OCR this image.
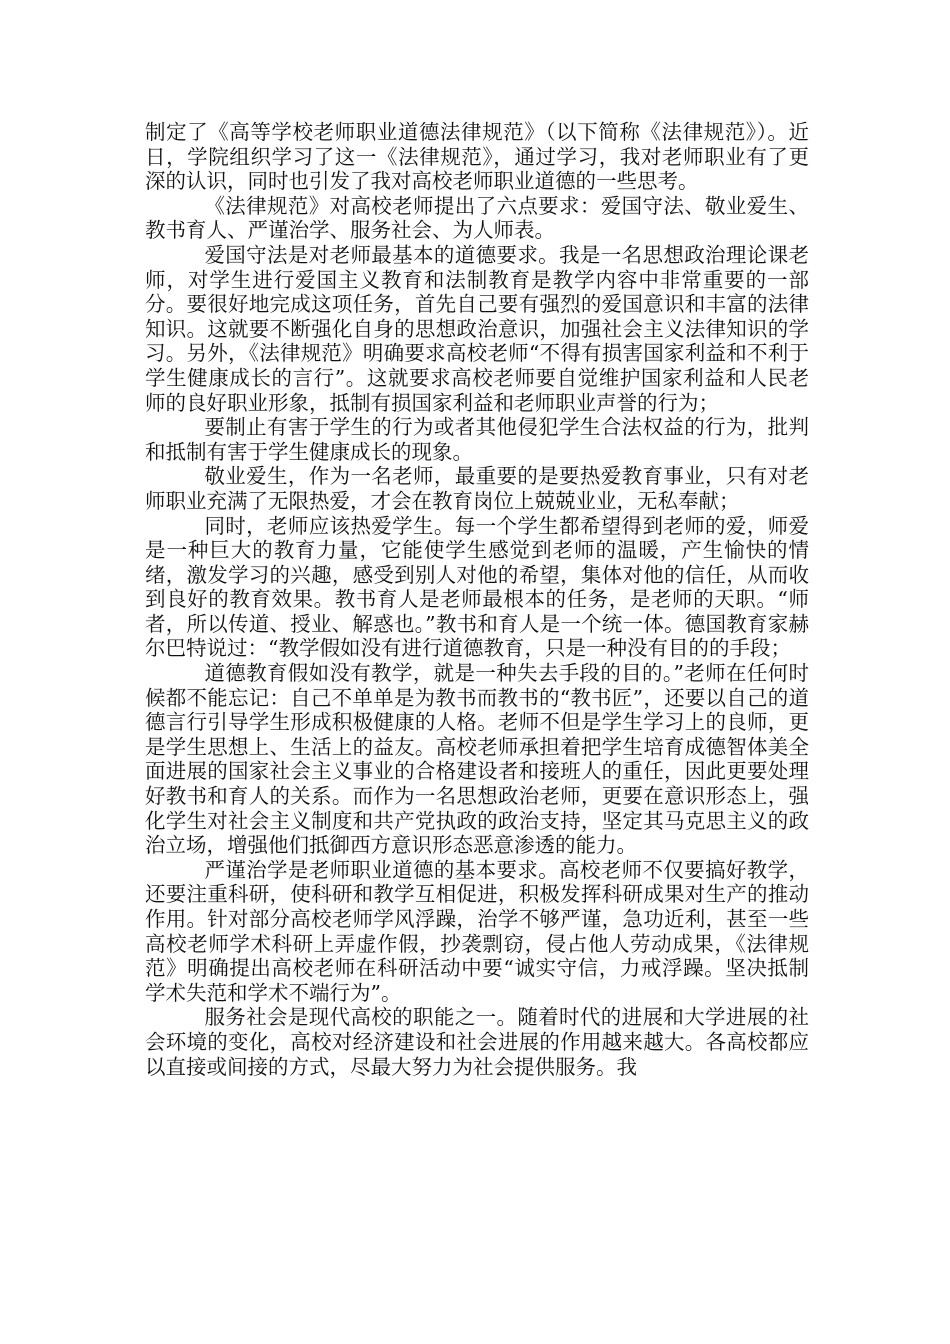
制定了《高等学校老师职业道德法律规范》（以下简称《法律规范》）。近日，学院组织学习了这一《法律规范》，通过学习，我对老师职业有了更深的认识，同时也引发了我对高校老师职业道德的一些思考。

《法律规范》对高校老师提出了六点要求：爱国守法、敬业爱生、教书育人、严谨治学、服务社会、为人师表。

爱国守法是对老师最基本的道德要求。我是一名思想政治理论课老师，对学生进行爱国主义教育和法制教育是教学内容中非常重要的一部分。要很好地完成这项任务，首先自己要有强烈的爱国意识和丰富的法律知识。这就要不断强化自身的思想政治意识，加强社会主义法律知识的学习。另外，《法律规范》明确要求高校老师“不得有损害国家利益和不利于学生健康成长的言行”。这就要求高校老师要自觉维护国家利益和人民老师的良好职业形象，抵制有损国家利益和老师职业声誉的行为；

要制止有害于学生的行为或者其他侵犯学生合法权益的行为，批判和抵制有害于学生健康成长的现象。

敬业爱生，作为一名老师，最重要的是要热爱教育事业，只有对老师职业充满了无限热爱，才会在教育岗位上兢兢业业，无私奉献；

同时，老师应该热爱学生。每一个学生都希望得到老师的爱，师爱是一种巨大的教育力量，它能使学生感觉到老师的温暖，产生愉快的情绪，激发学习的兴趣，感受到别人对他的希望，集体对他的信任，从而收到良好的教育效果。教书育人是老师最根本的任务，是老师的天职。“师者，所以传道、授业、解惑也。”教书和育人是一个统一体。德国教育家赫尔巴特说过：“教学假如没有进行道德教育，只是一种没有目的的手段；

道德教育假如没有教学，就是一种失去手段的目的。”老师在任何时候都不能忘记：自己不单单是为教书而教书的“教书匠”，还要以自己的道德言行引导学生形成积极健康的人格。老师不但是学生学习上的良师，更是学生思想上、生活上的益友。高校老师承担着把学生培育成德智体美全面进展的国家社会主义事业的合格建设者和接班人的重任，因此更要处理好教书和育人的关系。而作为一名思想政治老师，更要在意识形态上，强化学生对社会主义制度和共产党执政的政治支持，坚定其马克思主义的政治立场，增强他们抵御西方意识形态恶意渗透的能力。

严谨治学是老师职业道德的基本要求。高校老师不仅要搞好教学，还要注重科研，使科研和教学互相促进，积极发挥科研成果对生产的推动作用。针对部分高校老师学风浮躁，治学不够严谨，急功近利，甚至一些高校老师学术科研上弄虚作假，抄袭剽窃，侵占他人劳动成果，《法律规范》明确提出高校老师在科研活动中要“诚实守信，力戒浮躁。坚决抵制学术失范和学术不端行为”。

服务社会是现代高校的职能之一。随着时代的进展和大学进展的社会环境的变化，高校对经济建设和社会进展的作用越来越大。各高校都应以直接或间接的方式，尽最大努力为社会提供服务。我
